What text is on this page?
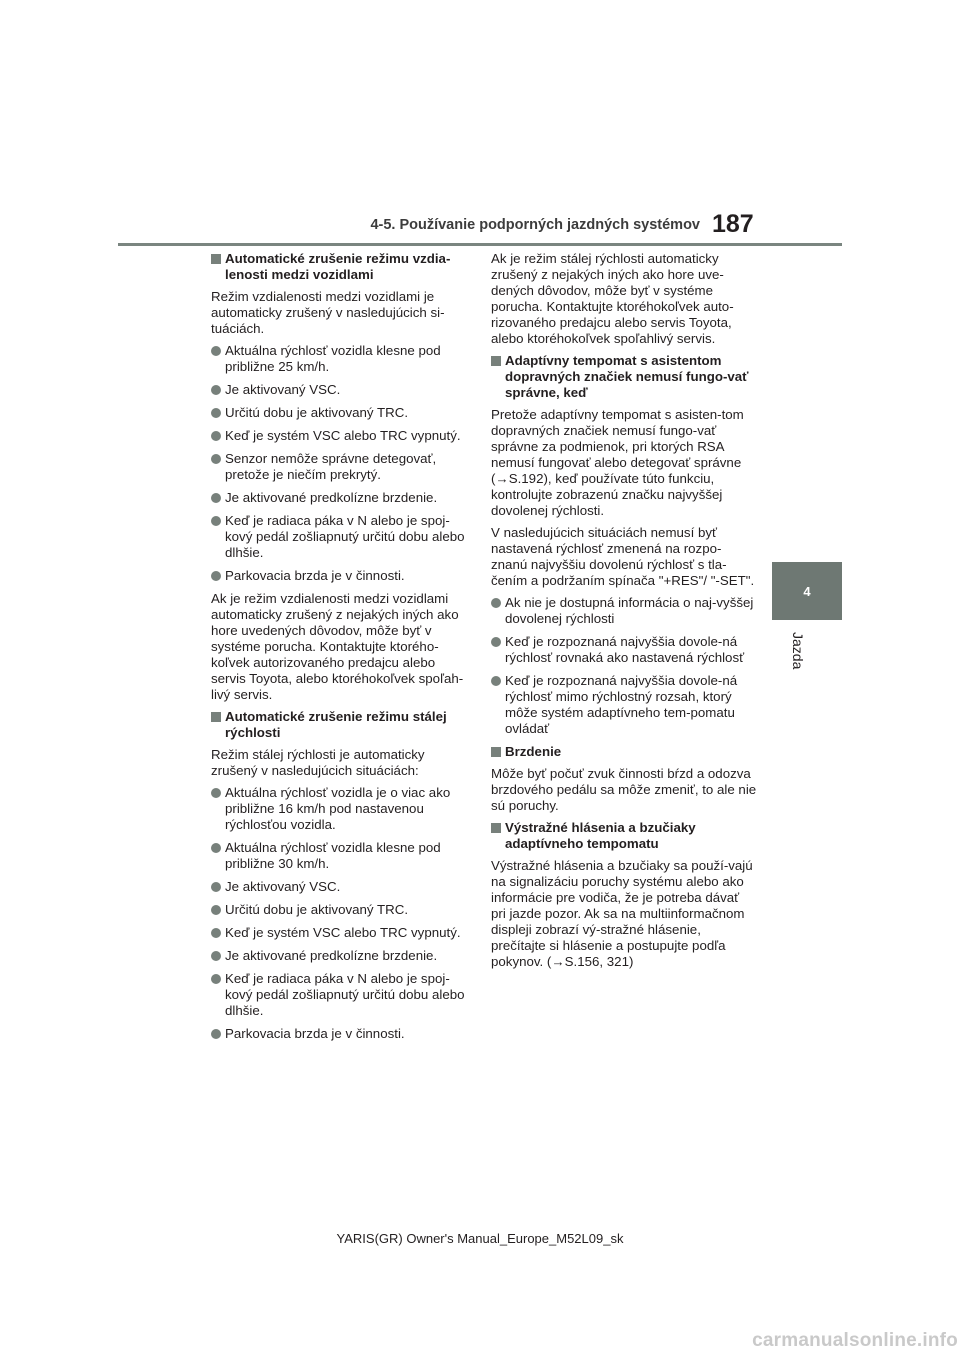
4-5. Používanie podporných jazdných systémov 187
4
Jazda
Automatické zrušenie režimu vzdia-lenosti medzi vozidlami
Režim vzdialenosti medzi vozidlami je automaticky zrušený v nasledujúcich si-tuáciách.
Aktuálna rýchlosť vozidla klesne pod približne 25 km/h.
Je aktivovaný VSC.
Určitú dobu je aktivovaný TRC.
Keď je systém VSC alebo TRC vypnutý.
Senzor nemôže správne detegovať, pretože je niečím prekrytý.
Je aktivované predkolízne brzdenie.
Keď je radiaca páka v N alebo je spoj-kový pedál zošliapnutý určitú dobu alebo dlhšie.
Parkovacia brzda je v činnosti.
Ak je režim vzdialenosti medzi vozidlami automaticky zrušený z nejakých iných ako hore uvedených dôvodov, môže byť v systéme porucha. Kontaktujte ktorého-koľvek autorizovaného predajcu alebo servis Toyota, alebo ktoréhokoľvek spoľah-livý servis.
Automatické zrušenie režimu stálej rýchlosti
Režim stálej rýchlosti je automaticky zrušený v nasledujúcich situáciách:
Aktuálna rýchlosť vozidla je o viac ako približne 16 km/h pod nastavenou rýchlosťou vozidla.
Aktuálna rýchlosť vozidla klesne pod približne 30 km/h.
Je aktivovaný VSC.
Určitú dobu je aktivovaný TRC.
Keď je systém VSC alebo TRC vypnutý.
Je aktivované predkolízne brzdenie.
Keď je radiaca páka v N alebo je spoj-kový pedál zošliapnutý určitú dobu alebo dlhšie.
Parkovacia brzda je v činnosti.
Ak je režim stálej rýchlosti automaticky zrušený z nejakých iných ako hore uve-dených dôvodov, môže byť v systéme porucha. Kontaktujte ktoréhokoľvek auto-rizovaného predajcu alebo servis Toyota, alebo ktoréhokoľvek spoľahlivý servis.
Adaptívny tempomat s asistentom dopravných značiek nemusí fungo-vať správne, keď
Pretože adaptívny tempomat s asisten-tom dopravných značiek nemusí fungo-vať správne za podmienok, pri ktorých RSA nemusí fungovať alebo detegovať správne (→S.192), keď používate túto funkciu, kontrolujte zobrazenú značku najvyššej dovolenej rýchlosti.
V nasledujúcich situáciách nemusí byť nastavená rýchlosť zmenená na rozpo-znanú najvyššiu dovolenú rýchlosť s tla-čením a podržaním spínača "+RES"/ "-SET".
Ak nie je dostupná informácia o naj-vyššej dovolenej rýchlosti
Keď je rozpoznaná najvyššia dovole-ná rýchlosť rovnaká ako nastavená rýchlosť
Keď je rozpoznaná najvyššia dovole-ná rýchlosť mimo rýchlostný rozsah, ktorý môže systém adaptívneho tem-pomatu ovládať
Brzdenie
Môže byť počuť zvuk činnosti bŕzd a odozva brzdového pedálu sa môže zmeniť, to ale nie sú poruchy.
Výstražné hlásenia a bzučiaky adaptívneho tempomatu
Výstražné hlásenia a bzučiaky sa použí-vajú na signalizáciu poruchy systému alebo ako informácie pre vodiča, že je potreba dávať pri jazde pozor. Ak sa na multiinformačnom displeji zobrazí vý-stražné hlásenie, prečítajte si hlásenie a postupujte podľa pokynov. (→S.156, 321)
YARIS(GR) Owner's Manual_Europe_M52L09_sk
carmanualsonline.info
